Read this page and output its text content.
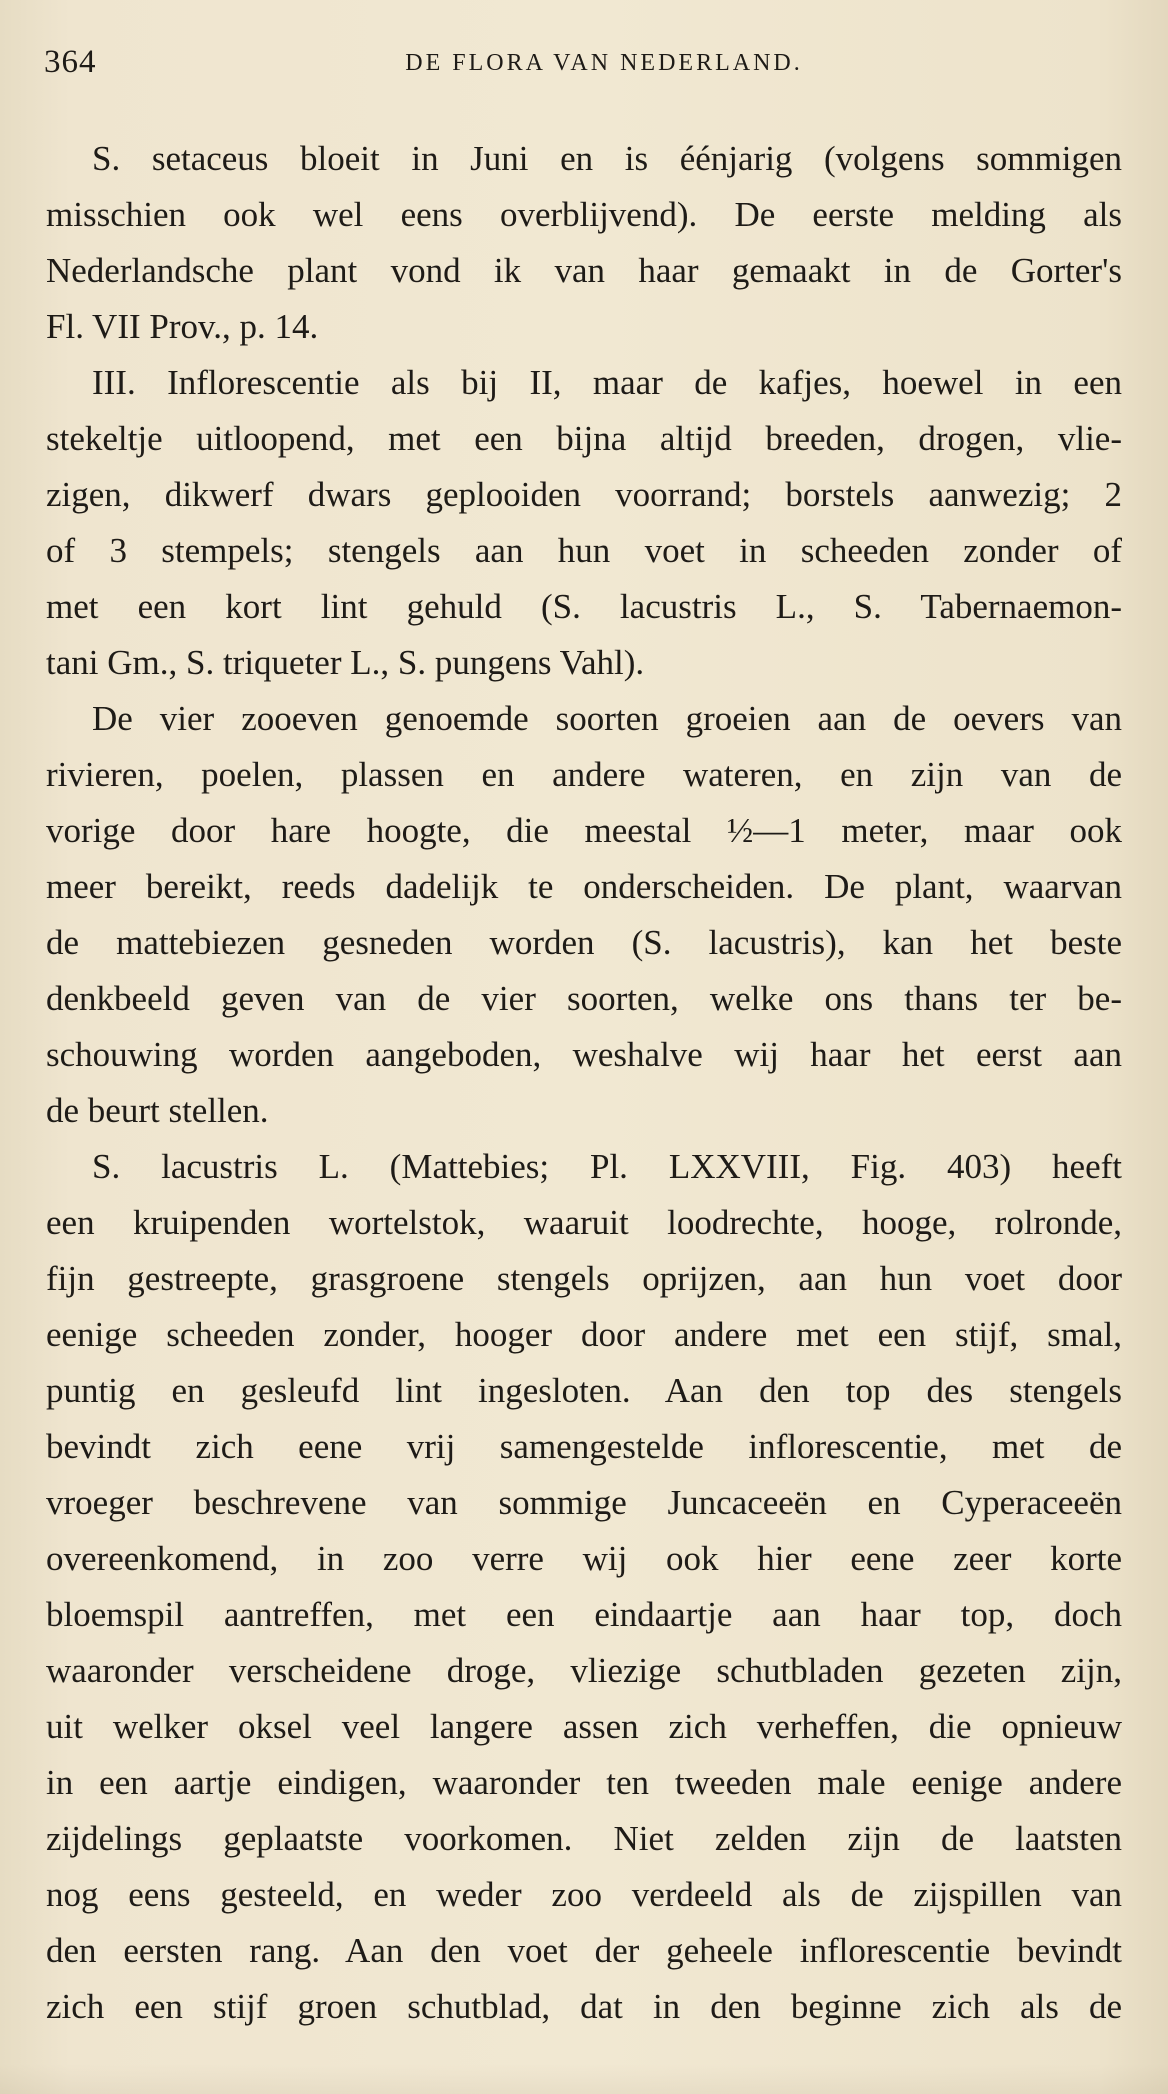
364	DE FLORA VAN NEDERLAND.
S. setaceus bloeit in Juni en is éénjarig (volgens sommigen
misschien ook wel eens overblijvend). De eerste melding als
Nederlandsche plant vond ik van haar gemaakt in de Gorter's
Fl. VII Prov., p. 14.
III. Inflorescentie als bij II, maar de kafjes, hoewel in een
stekeltje uitloopend, met een bijna altijd breeden, drogen, vlie-
zigen, dikwerf dwars geplooiden voorrand; borstels aanwezig; 2
of 3 stempels; stengels aan hun voet in scheeden zonder of
met een kort lint gehuld (S. lacustris L., S. Tabernaemon-
tani Gm., S. triqueter L., S. pungens Vahl).
De vier zooeven genoemde soorten groeien aan de oevers van
rivieren, poelen, plassen en andere wateren, en zijn van de
vorige door hare hoogte, die meestal ½—1 meter, maar ook
meer bereikt, reeds dadelijk te onderscheiden. De plant, waarvan
de mattebiezen gesneden worden (S. lacustris), kan het beste
denkbeeld geven van de vier soorten, welke ons thans ter be-
schouwing worden aangeboden, weshalve wij haar het eerst aan
de beurt stellen.
S. lacustris L. (Mattebies; Pl. LXXVIII, Fig. 403) heeft
een kruipenden wortelstok, waaruit loodrechte, hooge, rolronde,
fijn gestreepte, grasgroene stengels oprijzen, aan hun voet door
eenige scheeden zonder, hooger door andere met een stijf, smal,
puntig en gesleufd lint ingesloten. Aan den top des stengels
bevindt zich eene vrij samengestelde inflorescentie, met de
vroeger beschrevene van sommige Juncaceeën en Cyperaceeën
overeenkomend, in zoo verre wij ook hier eene zeer korte
bloemspil aantreffen, met een eindaartje aan haar top, doch
waaronder verscheidene droge, vliezige schutbladen gezeten zijn,
uit welker oksel veel langere assen zich verheffen, die opnieuw
in een aartje eindigen, waaronder ten tweeden male eenige andere
zijdelings geplaatste voorkomen. Niet zelden zijn de laatsten
nog eens gesteeld, en weder zoo verdeeld als de zijspillen van
den eersten rang. Aan den voet der geheele inflorescentie bevindt
zich een stijf groen schutblad, dat in den beginne zich als de
